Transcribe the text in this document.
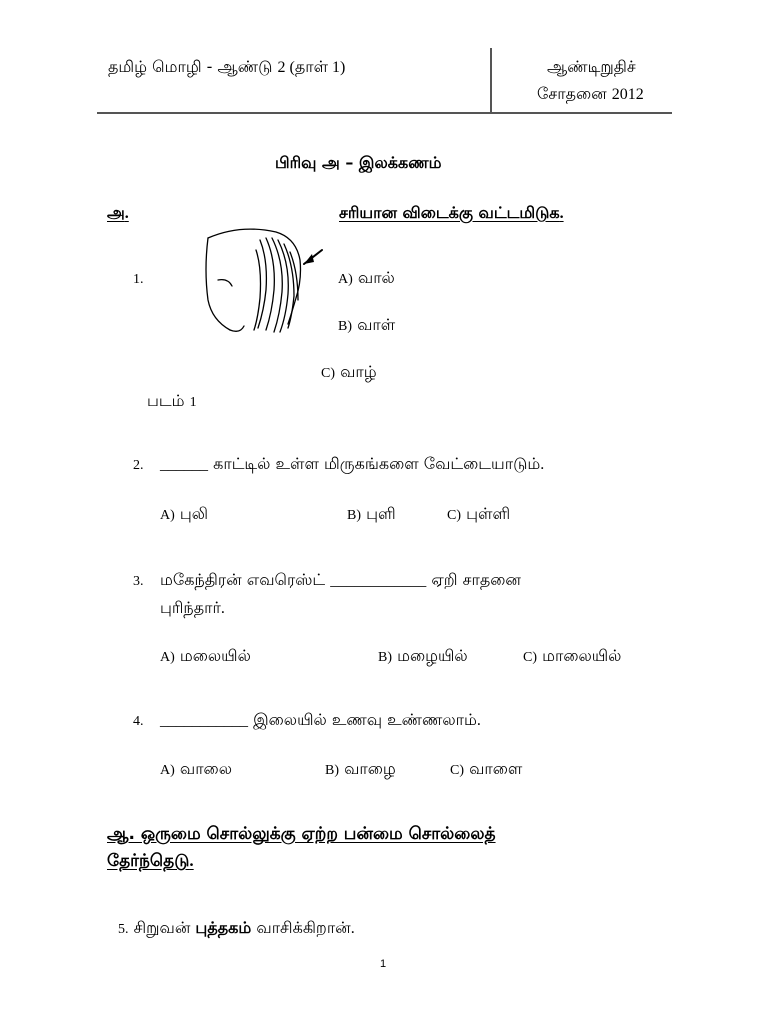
தமிழ் மொழி - ஆண்டு 2 (தாள் 1)	ஆண்டிறுதிச்
சோதனை 2012
பிரிவு அ – இலக்கணம்
அ.	சரியான விடைக்கு வட்டமிடுக.
1.	A) வால்
B) வாள்
C) வாழ்
படம் 1
2. ______ காட்டில் உள்ள மிருகங்களை வேட்டையாடும்.
A) புலி	B) புளி	C) புள்ளி
3. மகேந்திரன் எவரெஸ்ட் ____________ ஏறி சாதனை
புரிந்தார்.
A) மலையில்	B) மழையில்	C) மாலையில்
4. ___________ இலையில் உணவு உண்ணலாம்.
A) வாலை	B) வாழை	C) வாளை
ஆ. ஒருமை சொல்லுக்கு ஏற்ற பன்மை சொல்லைத்
தேர்ந்தெடு.
5. சிறுவன் புத்தகம் வாசிக்கிறான்.
1
